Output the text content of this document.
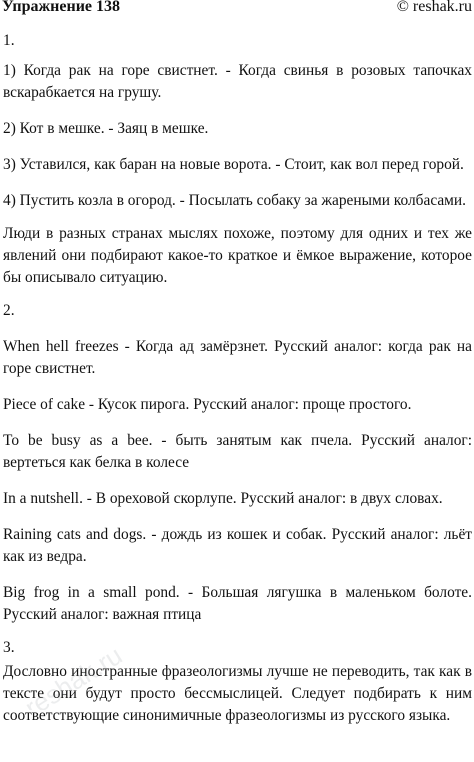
Упражнение 138	© reshak.ru

1.

1) Когда рак на горе свистнет. - Когда свинья в розовых тапочках вскарабкается на грушу.

2) Кот в мешке. - Заяц в мешке.

3) Уставился, как баран на новые ворота. - Стоит, как вол перед горой.

4) Пустить козла в огород. - Посылать собаку за жареными колбасами.

Люди в разных странах мыслях похоже, поэтому для одних и тех же явлений они подбирают какое-то краткое и ёмкое выражение, которое бы описывало ситуацию.

2.

When hell freezes - Когда ад замёрзнет. Русский аналог: когда рак на горе свистнет.

Piece of cake - Кусок пирога. Русский аналог: проще простого.

To be busy as a bee. - быть занятым как пчела. Русский аналог: вертеться как белка в колесе

In a nutshell. - В ореховой скорлупе. Русский аналог: в двух словах.

Raining cats and dogs. - дождь из кошек и собак. Русский аналог: льёт как из ведра.

Big frog in a small pond. - Большая лягушка в маленьком болоте. Русский аналог: важная птица

3.

Дословно иностранные фразеологизмы лучше не переводить, так как в тексте они будут просто бессмыслицей. Следует подбирать к ним соответствующие синонимичные фразеологизмы из русского языка.

reshak.ru
